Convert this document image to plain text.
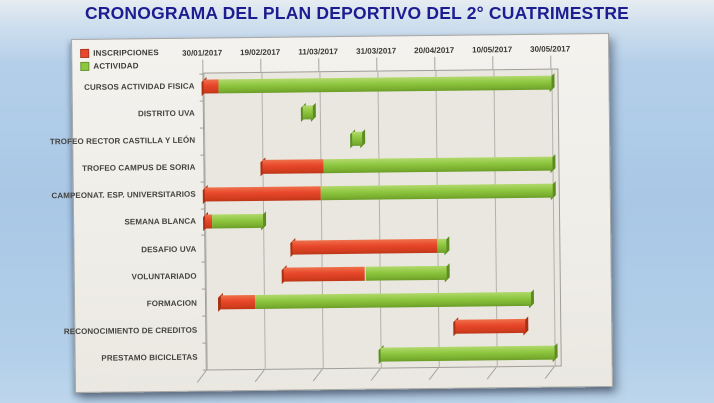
CRONOGRAMA DEL PLAN DEPORTIVO DEL 2° CUATRIMESTRE
INSCRIPCIONES
ACTIVIDAD
30/01/2017 19/02/2017 11/03/2017 31/03/2017 20/04/2017 10/05/2017 30/05/2017
CURSOS ACTIVIDAD FISICA
DISTRITO UVA
TROFEO RECTOR CASTILLA Y LEÓN
TROFEO CAMPUS DE SORIA
CAMPEONAT. ESP. UNIVERSITARIOS
SEMANA BLANCA
DESAFIO UVA
VOLUNTARIADO
FORMACION
RECONOCIMIENTO DE CREDITOS
PRESTAMO BICICLETAS
